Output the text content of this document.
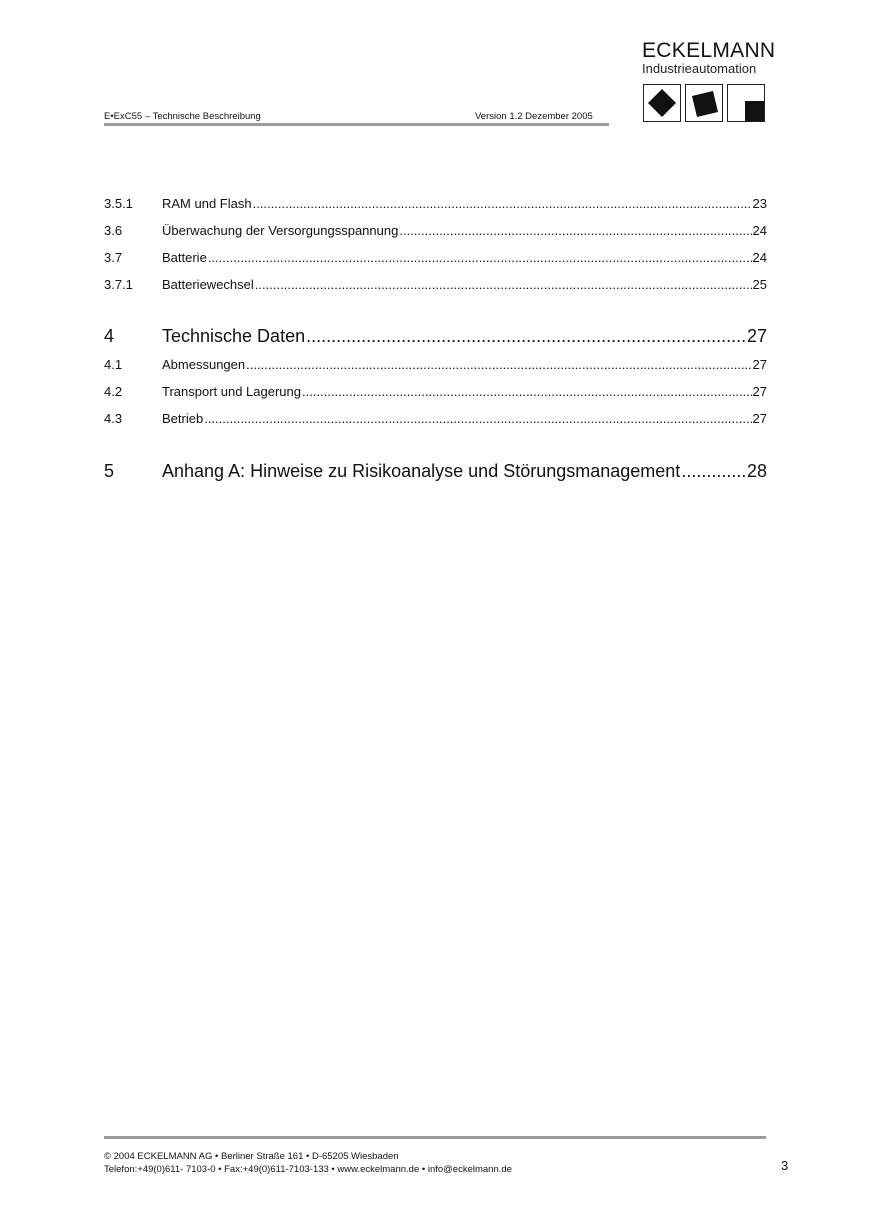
E•ExC55 – Technische Beschreibung	Version 1.2 Dezember 2005
ECKELMANN
Industrieautomation
3.5.1	RAM und Flash .....	23
3.6	Überwachung der Versorgungsspannung .....	24
3.7	Batterie .....	24
3.7.1	Batteriewechsel .....	25
4	Technische Daten .....	27
4.1	Abmessungen .....	27
4.2	Transport und Lagerung .....	27
4.3	Betrieb .....	27
5	Anhang A: Hinweise zu Risikoanalyse und Störungsmanagement .....	28
© 2004 ECKELMANN AG • Berliner Straße 161 • D-65205 Wiesbaden
Telefon:+49(0)611- 7103-0 • Fax:+49(0)611-7103-133 • www.eckelmann.de • info@eckelmann.de	3
